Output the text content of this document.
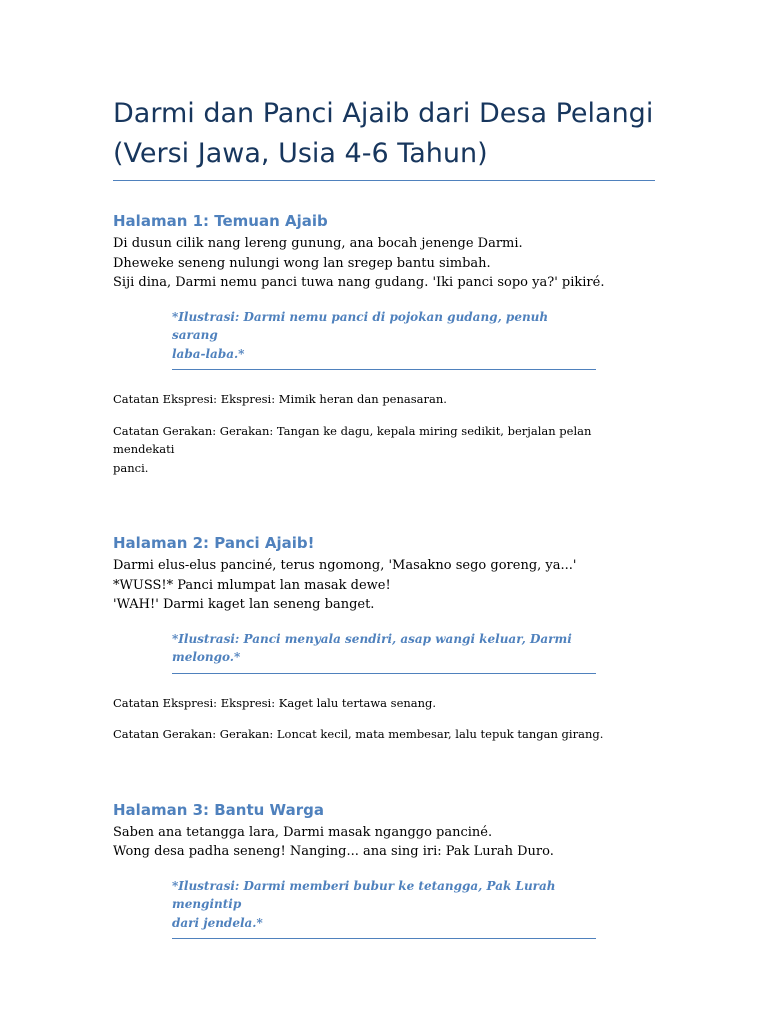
Darmi dan Panci Ajaib dari Desa Pelangi
(Versi Jawa, Usia 4-6 Tahun)
Halaman 1: Temuan Ajaib

Di dusun cilik nang lereng gunung, ana bocah jenenge Darmi.

Dheweke seneng nulungi wong lan sregep bantu simbah.

Siji dina, Darmi nemu panci tuwa nang gudang. 'Iki panci sopo ya?' pikiré.

*Ilustrasi: Darmi nemu panci di pojokan gudang, penuh sarang
laba-laba.*

Catatan Ekspresi: Ekspresi: Mimik heran dan penasaran.

Catatan Gerakan: Gerakan: Tangan ke dagu, kepala miring sedikit, berjalan pelan mendekati
panci.

Halaman 2: Panci Ajaib!

Darmi elus-elus panciné, terus ngomong, 'Masakno sego goreng, ya...'

*WUSS!* Panci mlumpat lan masak dewe!

'WAH!' Darmi kaget lan seneng banget.

*Ilustrasi: Panci menyala sendiri, asap wangi keluar, Darmi
melongo.*

Catatan Ekspresi: Ekspresi: Kaget lalu tertawa senang.

Catatan Gerakan: Gerakan: Loncat kecil, mata membesar, lalu tepuk tangan girang.

Halaman 3: Bantu Warga

Saben ana tetangga lara, Darmi masak nganggo panciné.

Wong desa padha seneng! Nanging... ana sing iri: Pak Lurah Duro.

*Ilustrasi: Darmi memberi bubur ke tetangga, Pak Lurah mengintip
dari jendela.*
